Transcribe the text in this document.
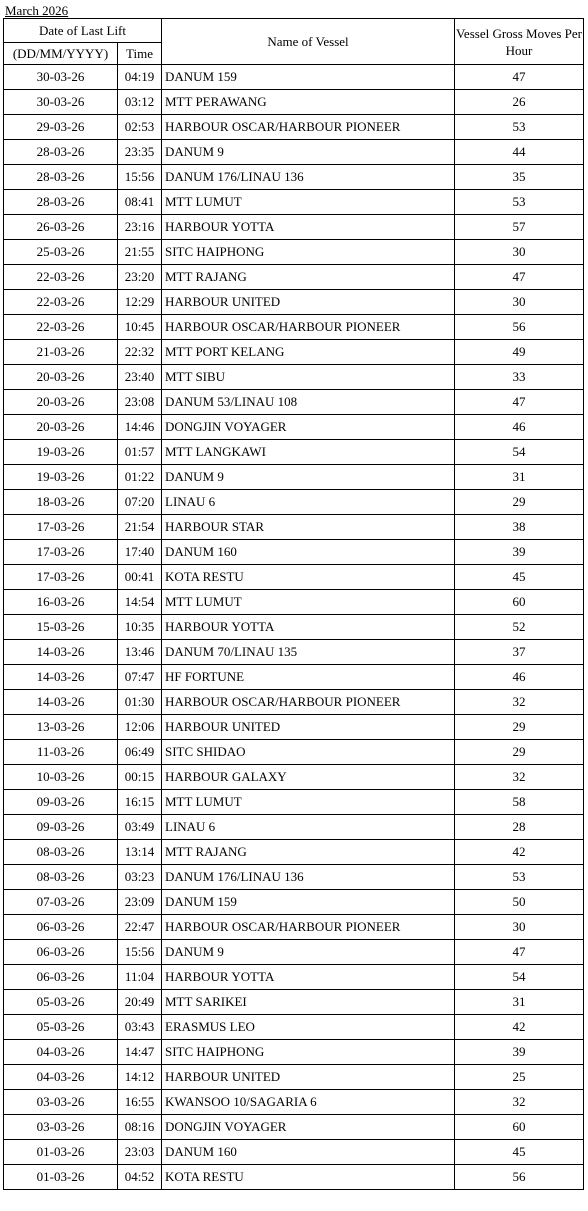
March 2026
Date of Last Lift		Name of Vessel	Vessel Gross Moves Per Hour
(DD/MM/YYYY)	Time		
30-03-26	04:19	DANUM 159	47
30-03-26	03:12	MTT PERAWANG	26
29-03-26	02:53	HARBOUR OSCAR/HARBOUR PIONEER	53
28-03-26	23:35	DANUM 9	44
28-03-26	15:56	DANUM 176/LINAU 136	35
28-03-26	08:41	MTT LUMUT	53
26-03-26	23:16	HARBOUR YOTTA	57
25-03-26	21:55	SITC HAIPHONG	30
22-03-26	23:20	MTT RAJANG	47
22-03-26	12:29	HARBOUR UNITED	30
22-03-26	10:45	HARBOUR OSCAR/HARBOUR PIONEER	56
21-03-26	22:32	MTT PORT KELANG	49
20-03-26	23:40	MTT SIBU	33
20-03-26	23:08	DANUM 53/LINAU 108	47
20-03-26	14:46	DONGJIN VOYAGER	46
19-03-26	01:57	MTT LANGKAWI	54
19-03-26	01:22	DANUM 9	31
18-03-26	07:20	LINAU 6	29
17-03-26	21:54	HARBOUR STAR	38
17-03-26	17:40	DANUM 160	39
17-03-26	00:41	KOTA RESTU	45
16-03-26	14:54	MTT LUMUT	60
15-03-26	10:35	HARBOUR YOTTA	52
14-03-26	13:46	DANUM 70/LINAU 135	37
14-03-26	07:47	HF FORTUNE	46
14-03-26	01:30	HARBOUR OSCAR/HARBOUR PIONEER	32
13-03-26	12:06	HARBOUR UNITED	29
11-03-26	06:49	SITC SHIDAO	29
10-03-26	00:15	HARBOUR GALAXY	32
09-03-26	16:15	MTT LUMUT	58
09-03-26	03:49	LINAU 6	28
08-03-26	13:14	MTT RAJANG	42
08-03-26	03:23	DANUM 176/LINAU 136	53
07-03-26	23:09	DANUM 159	50
06-03-26	22:47	HARBOUR OSCAR/HARBOUR PIONEER	30
06-03-26	15:56	DANUM 9	47
06-03-26	11:04	HARBOUR YOTTA	54
05-03-26	20:49	MTT SARIKEI	31
05-03-26	03:43	ERASMUS LEO	42
04-03-26	14:47	SITC HAIPHONG	39
04-03-26	14:12	HARBOUR UNITED	25
03-03-26	16:55	KWANSOO 10/SAGARIA 6	32
03-03-26	08:16	DONGJIN VOYAGER	60
01-03-26	23:03	DANUM 160	45
01-03-26	04:52	KOTA RESTU	56
